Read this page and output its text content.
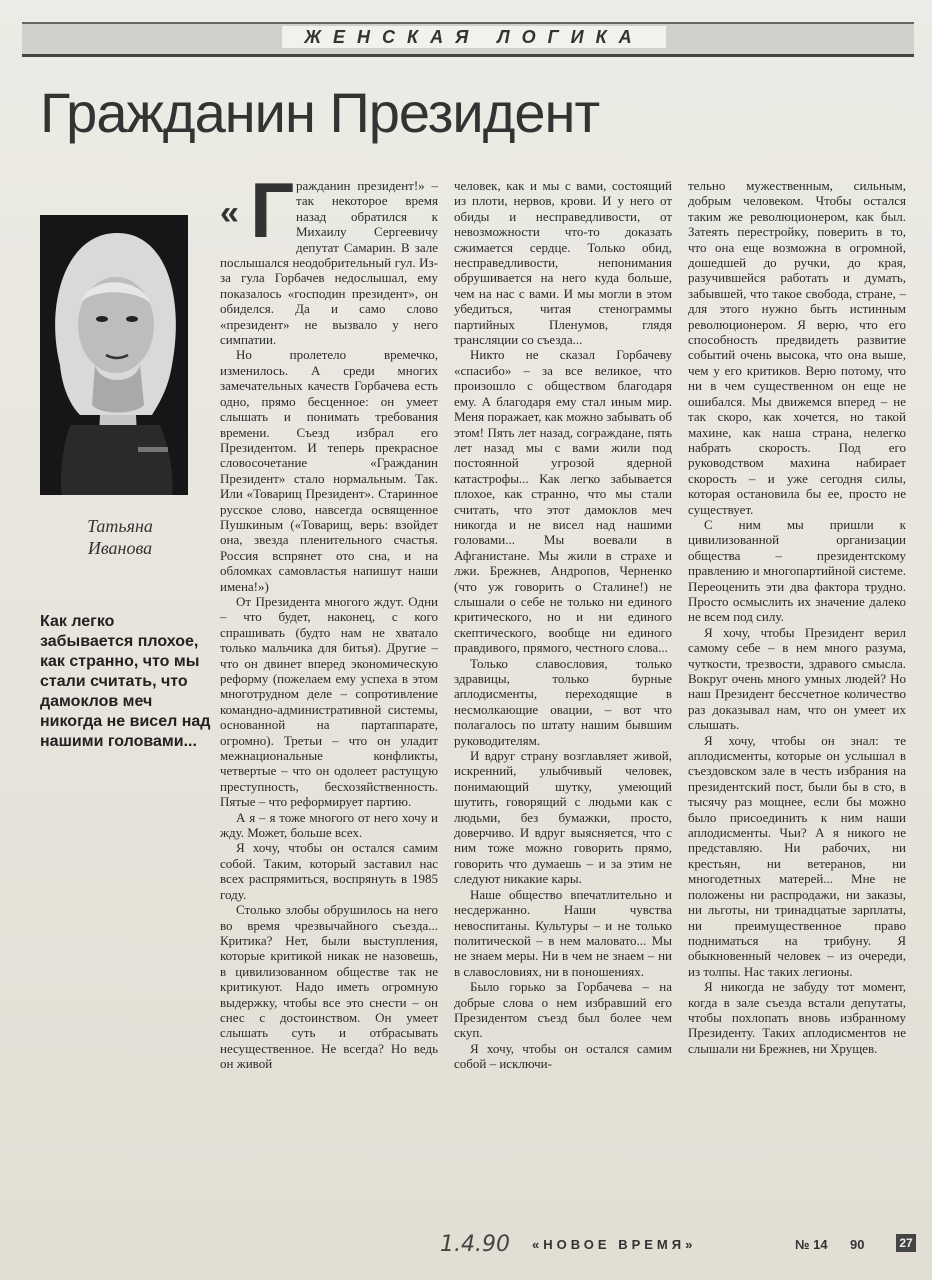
ЖЕНСКАЯ ЛОГИКА
Гражданин Президент
Татьяна
Иванова
Как легко забывается плохое, как странно, что мы стали считать, что дамоклов меч никогда не висел над нашими головами...
« Г ражданин президент!» – так некоторое время назад обратился к Михаилу Сергеевичу депутат Самарин. В зале послышался неодобрительный гул. Из-за гула Горбачев недослышал, ему показалось «господин президент», он обиделся. Да и само слово «президент» не вызвало у него симпатии.

Но пролетело времечко, изменилось. А среди многих замечательных качеств Горбачева есть одно, прямо бесценное: он умеет слышать и понимать требования времени. Съезд избрал его Президентом. И теперь прекрасное словосочетание «Гражданин Президент» стало нормальным. Так. Или «Товарищ Президент». Старинное русское слово, навсегда освященное Пушкиным («Товарищ, верь: взойдет она, звезда пленительного счастья. Россия вспрянет ото сна, и на обломках самовластья напишут наши имена!»)

От Президента многого ждут. Одни – что будет, наконец, с кого спрашивать (будто нам не хватало только мальчика для битья). Другие – что он двинет вперед экономическую реформу (пожелаем ему успеха в этом многотрудном деле – сопротивление командно-административной системы, основанной на партаппарате, огромно). Третьи – что он уладит межнациональные конфликты, четвертые – что он одолеет растущую преступность, бесхозяйственность. Пятые – что реформирует партию.

А я – я тоже многого от него хочу и жду. Может, больше всех.

Я хочу, чтобы он остался самим собой. Таким, который заставил нас всех распрямиться, воспрянуть в 1985 году.

Столько злобы обрушилось на него во время чрезвычайного съезда... Критика? Нет, были выступления, которые критикой никак не назовешь, в цивилизованном обществе так не критикуют. Надо иметь огромную выдержку, чтобы все это снести – он снес с достоинством. Он умеет слышать суть и отбрасывать несущественное. Не всегда? Но ведь он живой

человек, как и мы с вами, состоящий из плоти, нервов, крови. И у него от обиды и несправедливости, от невозможности что-то доказать сжимается сердце. Только обид, несправедливости, непонимания обрушивается на него куда больше, чем на нас с вами. И мы могли в этом убедиться, читая стенограммы партийных Пленумов, глядя трансляции со съезда...

Никто не сказал Горбачеву «спасибо» – за все великое, что произошло с обществом благодаря ему. А благодаря ему стал иным мир. Меня поражает, как можно забывать об этом! Пять лет назад, сограждане, пять лет назад мы с вами жили под постоянной угрозой ядерной катастрофы... Как легко забывается плохое, как странно, что мы стали считать, что этот дамоклов меч никогда и не висел над нашими головами... Мы воевали в Афганистане. Мы жили в страхе и лжи. Брежнев, Андропов, Черненко (что уж говорить о Сталине!) не слышали о себе не только ни единого критического, но и ни единого скептического, вообще ни единого правдивого, прямого, честного слова...

Только славословия, только здравицы, только бурные аплодисменты, переходящие в несмолкающие овации, – вот что полагалось по штату нашим бывшим руководителям.

И вдруг страну возглавляет живой, искренний, улыбчивый человек, понимающий шутку, умеющий шутить, говорящий с людьми как с людьми, без бумажки, просто, доверчиво. И вдруг выясняется, что с ним тоже можно говорить прямо, говорить что думаешь – и за этим не следуют никакие кары.

Наше общество впечатлительно и несдержанно. Наши чувства невоспитаны. Культуры – и не только политической – в нем маловато... Мы не знаем меры. Ни в чем не знаем – ни в славословиях, ни в поношениях.

Было горько за Горбачева – на добрые слова о нем избравший его Президентом съезд был более чем скуп.

Я хочу, чтобы он остался самим собой – исключи-

тельно мужественным, сильным, добрым человеком. Чтобы остался таким же революционером, как был. Затеять перестройку, поверить в то, что она еще возможна в огромной, дошедшей до ручки, до края, разучившейся работать и думать, забывшей, что такое свобода, стране, – для этого нужно быть истинным революционером. Я верю, что его способность предвидеть развитие событий очень высока, что она выше, чем у его критиков. Верю потому, что ни в чем существенном он еще не ошибался. Мы движемся вперед – не так скоро, как хочется, но такой махине, как наша страна, нелегко набрать скорость. Под его руководством махина набирает скорость – и уже сегодня силы, которая остановила бы ее, просто не существует.

С ним мы пришли к цивилизованной организации общества – президентскому правлению и многопартийной системе. Переоценить эти два фактора трудно. Просто осмыслить их значение далеко не всем под силу.

Я хочу, чтобы Президент верил самому себе – в нем много разума, чуткости, трезвости, здравого смысла. Вокруг очень много умных людей? Но наш Президент бессчетное количество раз доказывал нам, что он умеет их слышать.

Я хочу, чтобы он знал: те аплодисменты, которые он услышал в съездовском зале в честь избрания на президентский пост, были бы в сто, в тысячу раз мощнее, если бы можно было присоединить к ним наши аплодисменты. Чьи? А я никого не представляю. Ни рабочих, ни крестьян, ни ветеранов, ни многодетных матерей... Мне не положены ни распродажи, ни заказы, ни льготы, ни тринадцатые зарплаты, ни преимущественное право подниматься на трибуну. Я обыкновенный человек – из очереди, из толпы. Нас таких легионы.

Я никогда не забуду тот момент, когда в зале съезда встали депутаты, чтобы похлопать вновь избранному Президенту. Таких аплодисментов не слышали ни Брежнев, ни Хрущев.

1.4.90 «НОВОЕ ВРЕМЯ»	№ 14 90	27
